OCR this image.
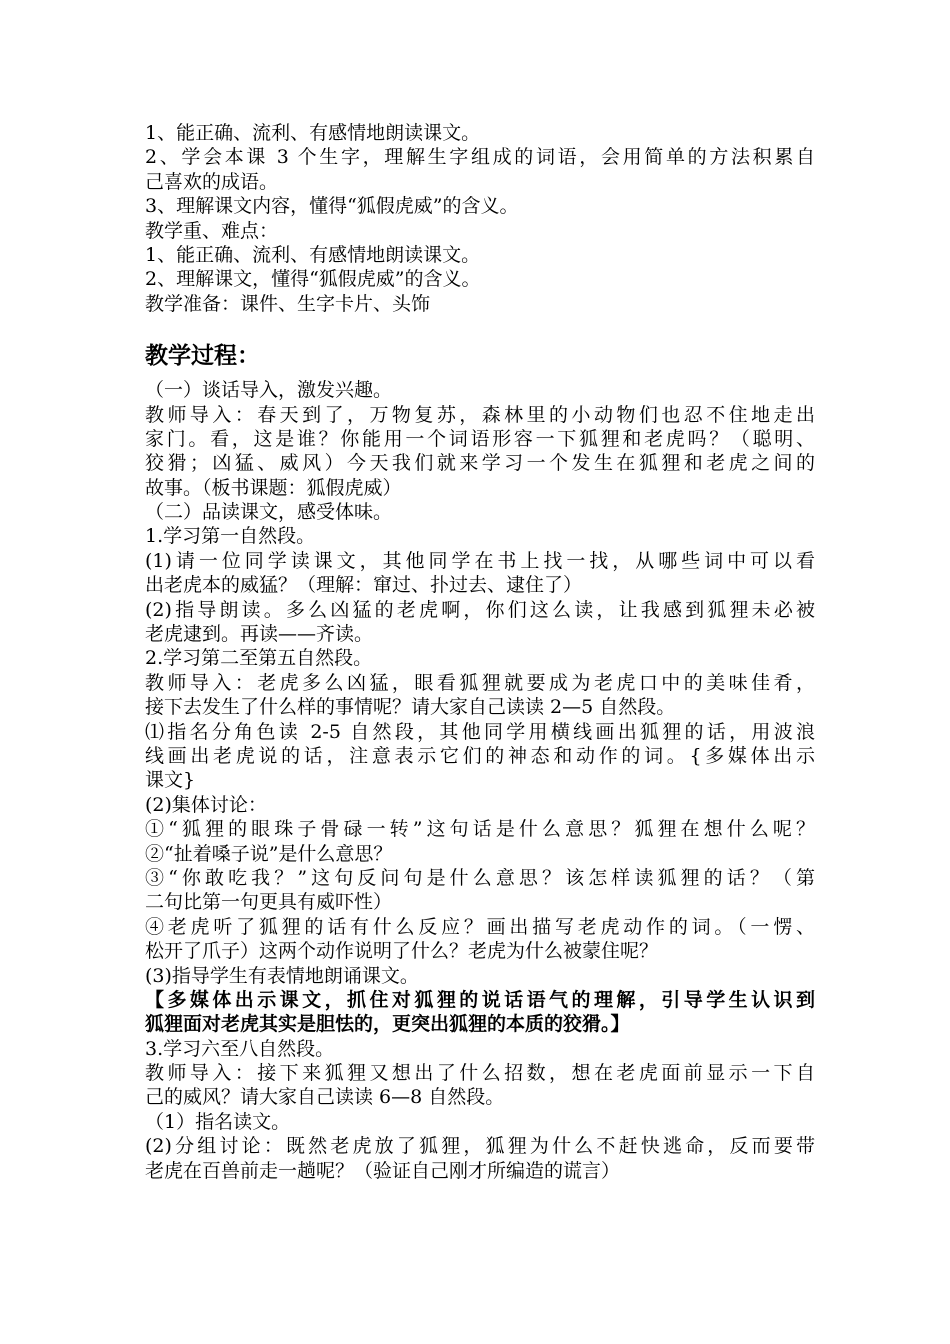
1、能正确、流利、有感情地朗读课文。
2、学会本课 3 个生字，理解生字组成的词语，会用简单的方法积累自
己喜欢的成语。
3、理解课文内容，懂得“狐假虎威”的含义。
教学重、难点：
1、能正确、流利、有感情地朗读课文。
2、理解课文，懂得“狐假虎威”的含义。
教学准备：课件、生字卡片、头饰
教学过程：
（一）谈话导入，激发兴趣。
教师导入：春天到了，万物复苏，森林里的小动物们也忍不住地走出
家门。看，这是谁？你能用一个词语形容一下狐狸和老虎吗？（聪明、
狡猾；凶猛、威风）今天我们就来学习一个发生在狐狸和老虎之间的
故事。（板书课题：狐假虎威）
（二）品读课文，感受体味。
1.学习第一自然段。
(1)请一位同学读课文，其他同学在书上找一找，从哪些词中可以看
出老虎本的威猛？（理解：窜过、扑过去、逮住了）
(2)指导朗读。多么凶猛的老虎啊，你们这么读，让我感到狐狸未必被
老虎逮到。再读——齐读。
2.学习第二至第五自然段。
教师导入：老虎多么凶猛，眼看狐狸就要成为老虎口中的美味佳肴，
接下去发生了什么样的事情呢？请大家自己读读 2—5 自然段。
⑴指名分角色读 2-5 自然段，其他同学用横线画出狐狸的话，用波浪
线画出老虎说的话，注意表示它们的神态和动作的词。{多媒体出示
课文}
(2)集体讨论：
①“狐狸的眼珠子骨碌一转”这句话是什么意思？狐狸在想什么呢？
②“扯着嗓子说”是什么意思？
③“你敢吃我？”这句反问句是什么意思？该怎样读狐狸的话？（第
二句比第一句更具有威吓性）
④老虎听了狐狸的话有什么反应？画出描写老虎动作的词。（一愣、
松开了爪子）这两个动作说明了什么？老虎为什么被蒙住呢？
(3)指导学生有表情地朗诵课文。
【多媒体出示课文，抓住对狐狸的说话语气的理解，引导学生认识到
狐狸面对老虎其实是胆怯的，更突出狐狸的本质的狡猾。】
3.学习六至八自然段。
教师导入：接下来狐狸又想出了什么招数，想在老虎面前显示一下自
己的威风？请大家自己读读 6—8 自然段。
（1）指名读文。
(2)分组讨论：既然老虎放了狐狸，狐狸为什么不赶快逃命，反而要带
老虎在百兽前走一趟呢？（验证自己刚才所编造的谎言）
